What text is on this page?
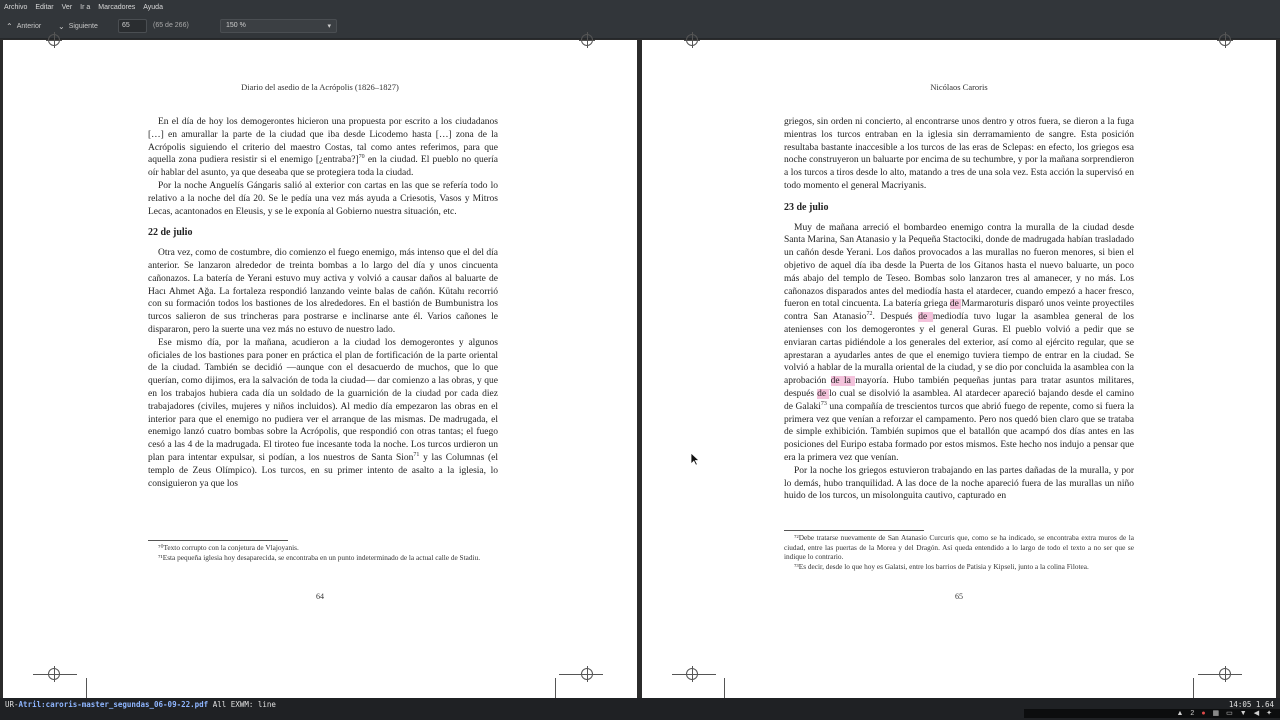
Archivo Editar Ver Ir a Marcadores Ayuda
⌃ Anterior ⌄ Siguiente	65	(65 de 266)	150 %	▾
Diario del asedio de la Acrópolis (1826–1827)

En el día de hoy los demogerontes hicieron una propuesta por escrito a los ciudadanos […] en amurallar la parte de la ciudad que iba desde Licodemo hasta […] zona de la Acrópolis siguiendo el criterio del maestro Costas, tal como antes referimos, para que aquella zona pudiera resistir si el enemigo [¿entraba?]$^{70}$ en la ciudad. El pueblo no quería oír hablar del asunto, ya que deseaba que se protegiera toda la ciudad.

Por la noche Anguelís Gángaris salió al exterior con cartas en las que se refería todo lo relativo a la noche del día 20. Se le pedía una vez más ayuda a Criesotis, Vasos y Mitros Lecas, acantonados en Eleusis, y se le exponía al Gobierno nuestra situación, etc.

22 de julio

Otra vez, como de costumbre, dio comienzo el fuego enemigo, más intenso que el del día anterior. Se lanzaron alrededor de treinta bombas a lo largo del día y unos cincuenta cañonazos. La batería de Yerani estuvo muy activa y volvió a causar daños al baluarte de Hacı Ahmet Ağa. La fortaleza respondió lanzando veinte balas de cañón. Kütahı recorrió con su formación todos los bastiones de los alrededores. En el bastión de Bumbunistra los turcos salieron de sus trincheras para postrarse e inclinarse ante él. Varios cañones le dispararon, pero la suerte una vez más no estuvo de nuestro lado.

Ese mismo día, por la mañana, acudieron a la ciudad los demogerontes y algunos oficiales de los bastiones para poner en práctica el plan de fortificación de la parte oriental de la ciudad. También se decidió —aunque con el desacuerdo de muchos, que lo que querían, como dijimos, era la salvación de toda la ciudad— dar comienzo a las obras, y que en los trabajos hubiera cada día un soldado de la guarnición de la ciudad por cada diez trabajadores (civiles, mujeres y niños incluidos). Al medio día empezaron las obras en el interior para que el enemigo no pudiera ver el arranque de las mismas. De madrugada, el enemigo lanzó cuatro bombas sobre la Acrópolis, que respondió con otras tantas; el fuego cesó a las 4 de la madrugada. El tiroteo fue incesante toda la noche. Los turcos urdieron un plan para intentar expulsar, si podían, a los nuestros de Santa Sion$^{71}$ y las Columnas (el templo de Zeus Olímpico). Los turcos, en su primer intento de asalto a la iglesia, lo consiguieron ya que los

⁷⁰Texto corrupto con la conjetura de Vlajoyanis.

⁷¹Esta pequeña iglesia hoy desaparecida, se encontraba en un punto indeterminado de la actual calle de Stadiu.

64
Nicólaos Caroris

griegos, sin orden ni concierto, al encontrarse unos dentro y otros fuera, se dieron a la fuga mientras los turcos entraban en la iglesia sin derramamiento de sangre. Esta posición resultaba bastante inaccesible a los turcos de las eras de Sclepas: en efecto, los griegos esa noche construyeron un baluarte por encima de su techumbre, y por la mañana sorprendieron a los turcos a tiros desde lo alto, matando a tres de una sola vez. Esta acción la supervisó en todo momento el general Macriyanis.

23 de julio

Muy de mañana arreció el bombardeo enemigo contra la muralla de la ciudad desde Santa Marina, San Atanasio y la Pequeña Stactociki, donde de madrugada habían trasladado un cañón desde Yerani. Los daños provocados a las murallas no fueron menores, si bien el objetivo de aquel día iba desde la Puerta de los Gitanos hasta el nuevo baluarte, un poco más abajo del templo de Teseo. Bombas solo lanzaron tres al amanecer, y no más. Los cañonazos disparados antes del mediodía hasta el atardecer, cuando empezó a hacer fresco, fueron en total cincuenta. La batería griega de Marmaroturis disparó unos veinte proyectiles contra San Atanasio$^{72}$. Después de mediodía tuvo lugar la asamblea general de los atenienses con los demogerontes y el general Guras. El pueblo volvió a pedir que se enviaran cartas pidiéndole a los generales del exterior, así como al ejército regular, que se aprestaran a ayudarles antes de que el enemigo tuviera tiempo de entrar en la ciudad. Se volvió a hablar de la muralla oriental de la ciudad, y se dio por concluida la asamblea con la aprobación de la mayoría. Hubo también pequeñas juntas para tratar asuntos militares, después de lo cual se disolvió la asamblea. Al atardecer apareció bajando desde el camino de Galaki$^{73}$ una compañía de trescientos turcos que abrió fuego de repente, como si fuera la primera vez que venían a reforzar el campamento. Pero nos quedó bien claro que se trataba de simple exhibición. También supimos que el batallón que acampó dos días antes en las posiciones del Euripo estaba formado por estos mismos. Este hecho nos indujo a pensar que era la primera vez que venían.

Por la noche los griegos estuvieron trabajando en las partes dañadas de la muralla, y por lo demás, hubo tranquilidad. A las doce de la noche apareció fuera de las murallas un niño huido de los turcos, un misolonguita cautivo, capturado en

⁷²Debe tratarse nuevamente de San Atanasio Curcuris que, como se ha indicado, se encontraba extra muros de la ciudad, entre las puertas de la Morea y del Dragón. Así queda entendido a lo largo de todo el texto a no ser que se indique lo contrario.

⁷³Es decir, desde lo que hoy es Galatsi, entre los barrios de Patisia y Kipseli, junto a la colina Filotea.

65
UR-Atril:caroris-master_segundas_06-09-22.pdf All EXWM: line	14:05 1.64
▲ 2 ● ▦ ▭ ▼ ◀ ✦
